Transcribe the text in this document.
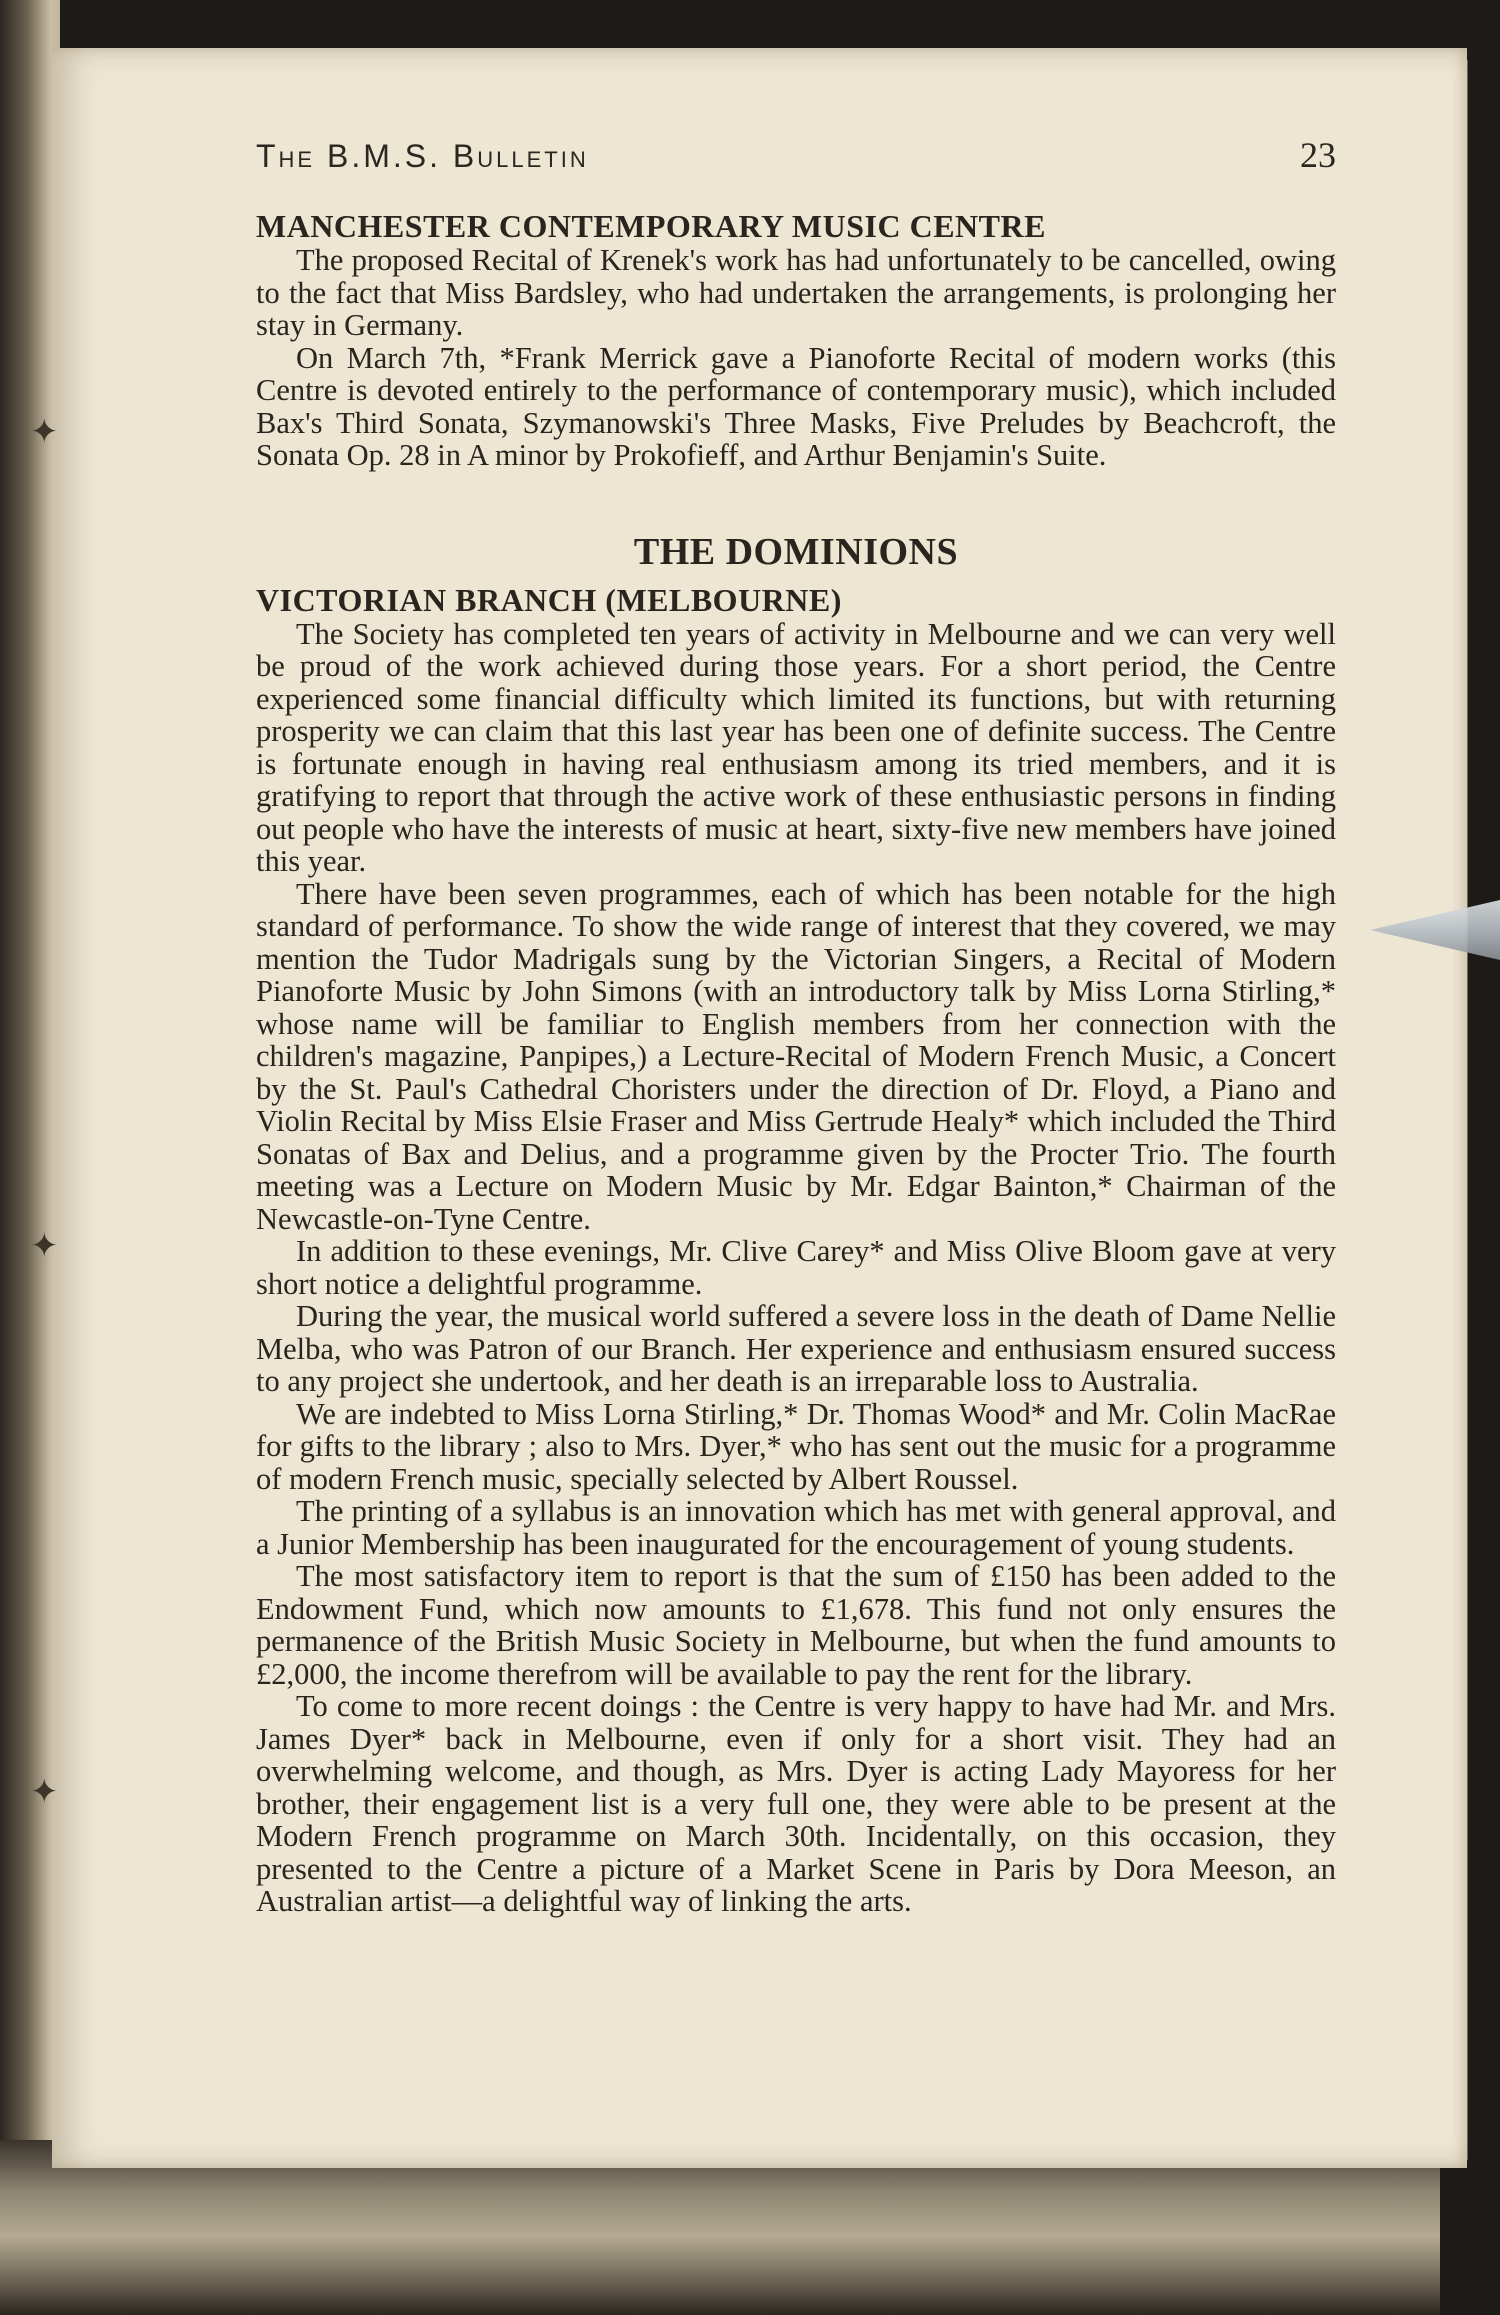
✦
✦
✦
The B.M.S. Bulletin	23
MANCHESTER CONTEMPORARY MUSIC CENTRE

The proposed Recital of Krenek's work has had unfortunately to be cancelled, owing to the fact that Miss Bardsley, who had undertaken the arrangements, is prolonging her stay in Germany.

On March 7th, *Frank Merrick gave a Pianoforte Recital of modern works (this Centre is devoted entirely to the performance of contemporary music), which included Bax's Third Sonata, Szymanowski's Three Masks, Five Preludes by Beachcroft, the Sonata Op. 28 in A minor by Prokofieff, and Arthur Benjamin's Suite.

THE DOMINIONS
VICTORIAN BRANCH (MELBOURNE)

The Society has completed ten years of activity in Melbourne and we can very well be proud of the work achieved during those years. For a short period, the Centre experienced some financial difficulty which limited its functions, but with returning prosperity we can claim that this last year has been one of definite success. The Centre is fortunate enough in having real enthusiasm among its tried members, and it is gratifying to report that through the active work of these enthusiastic persons in finding out people who have the interests of music at heart, sixty-five new members have joined this year.

There have been seven programmes, each of which has been notable for the high standard of performance. To show the wide range of interest that they covered, we may mention the Tudor Madrigals sung by the Victorian Singers, a Recital of Modern Pianoforte Music by John Simons (with an introductory talk by Miss Lorna Stirling,* whose name will be familiar to English members from her connection with the children's magazine, Panpipes,) a Lecture-Recital of Modern French Music, a Concert by the St. Paul's Cathedral Choristers under the direction of Dr. Floyd, a Piano and Violin Recital by Miss Elsie Fraser and Miss Gertrude Healy* which included the Third Sonatas of Bax and Delius, and a programme given by the Procter Trio. The fourth meeting was a Lecture on Modern Music by Mr. Edgar Bainton,* Chairman of the Newcastle-on-Tyne Centre.

In addition to these evenings, Mr. Clive Carey* and Miss Olive Bloom gave at very short notice a delightful programme.

During the year, the musical world suffered a severe loss in the death of Dame Nellie Melba, who was Patron of our Branch. Her experience and enthusiasm ensured success to any project she undertook, and her death is an irreparable loss to Australia.

We are indebted to Miss Lorna Stirling,* Dr. Thomas Wood* and Mr. Colin MacRae for gifts to the library ; also to Mrs. Dyer,* who has sent out the music for a programme of modern French music, specially selected by Albert Roussel.

The printing of a syllabus is an innovation which has met with general approval, and a Junior Membership has been inaugurated for the encouragement of young students.

The most satisfactory item to report is that the sum of £150 has been added to the Endowment Fund, which now amounts to £1,678. This fund not only ensures the permanence of the British Music Society in Melbourne, but when the fund amounts to £2,000, the income therefrom will be available to pay the rent for the library.

To come to more recent doings : the Centre is very happy to have had Mr. and Mrs. James Dyer* back in Melbourne, even if only for a short visit. They had an overwhelming welcome, and though, as Mrs. Dyer is acting Lady Mayoress for her brother, their engagement list is a very full one, they were able to be present at the Modern French programme on March 30th. Incidentally, on this occasion, they presented to the Centre a picture of a Market Scene in Paris by Dora Meeson, an Australian artist—a delightful way of linking the arts.
